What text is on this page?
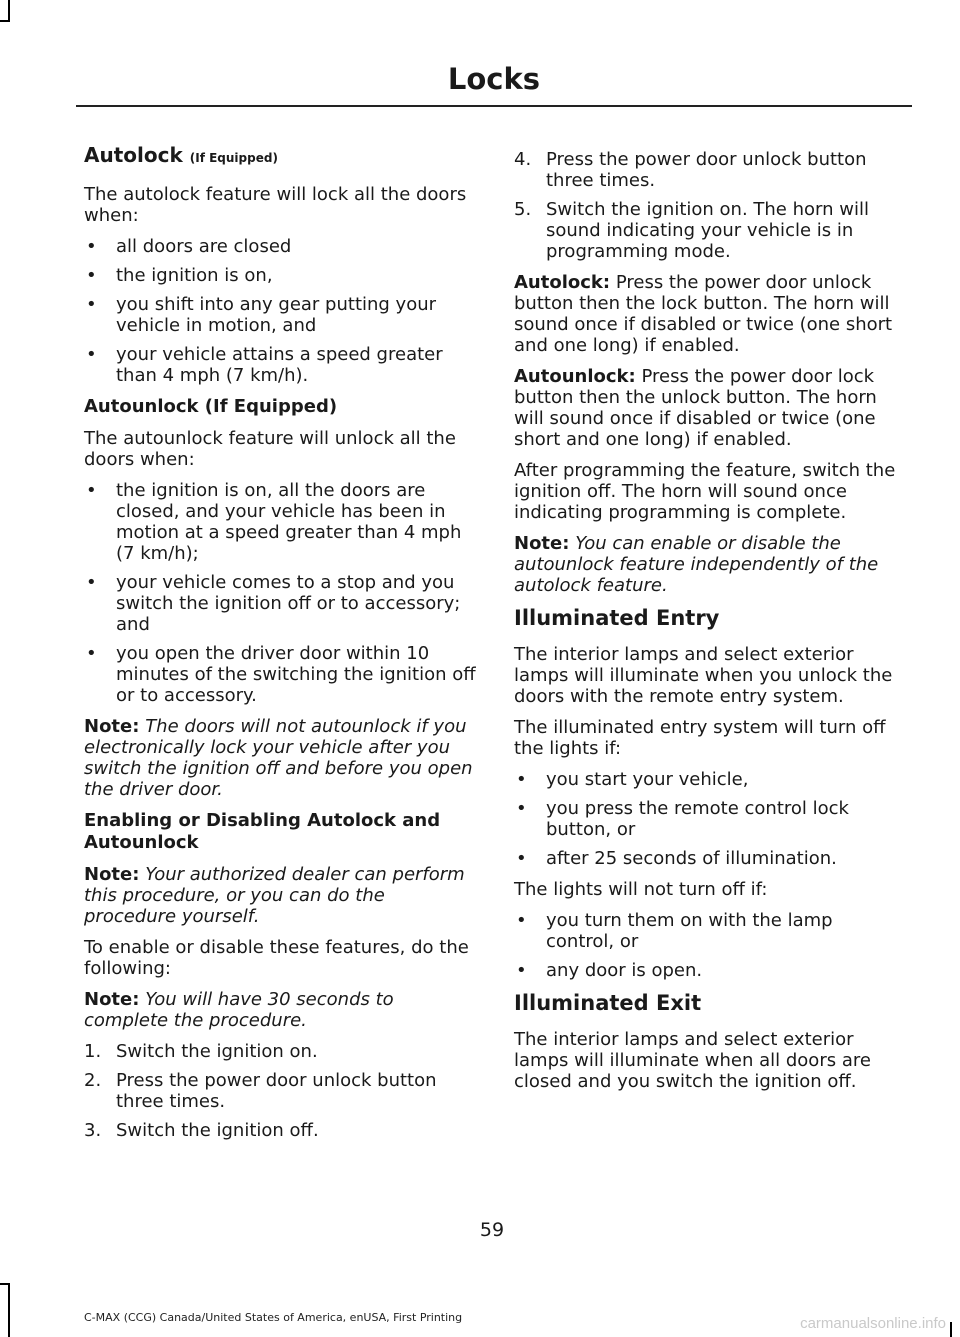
Locks
Autolock (If Equipped)

The autolock feature will lock all the doors when:

• all doors are closed
• the ignition is on,
• you shift into any gear putting your vehicle in motion, and
• your vehicle attains a speed greater than 4 mph (7 km/h).
Autounlock (If Equipped)

The autounlock feature will unlock all the doors when:

• the ignition is on, all the doors are closed, and your vehicle has been in motion at a speed greater than 4 mph (7 km/h);
• your vehicle comes to a stop and you switch the ignition off or to accessory; and
• you open the driver door within 10 minutes of the switching the ignition off or to accessory.

Note: The doors will not autounlock if you electronically lock your vehicle after you switch the ignition off and before you open the driver door.

Enabling or Disabling Autolock and Autounlock

Note: Your authorized dealer can perform this procedure, or you can do the procedure yourself.

To enable or disable these features, do the following:

Note: You will have 30 seconds to complete the procedure.

1. Switch the ignition on.
2. Press the power door unlock button three times.
3. Switch the ignition off.
4. Press the power door unlock button three times.
5. Switch the ignition on. The horn will sound indicating your vehicle is in programming mode.

Autolock: Press the power door unlock button then the lock button. The horn will sound once if disabled or twice (one short and one long) if enabled.

Autounlock: Press the power door lock button then the unlock button. The horn will sound once if disabled or twice (one short and one long) if enabled.

After programming the feature, switch the ignition off. The horn will sound once indicating programming is complete.

Note: You can enable or disable the autounlock feature independently of the autolock feature.

Illuminated Entry

The interior lamps and select exterior lamps will illuminate when you unlock the doors with the remote entry system.

The illuminated entry system will turn off the lights if:

• you start your vehicle,
• you press the remote control lock button, or
• after 25 seconds of illumination.

The lights will not turn off if:

• you turn them on with the lamp control, or
• any door is open.
Illuminated Exit

The interior lamps and select exterior lamps will illuminate when all doors are closed and you switch the ignition off.

59
C-MAX (CCG) Canada/United States of America, enUSA, First Printing	carmanualsonline.info
